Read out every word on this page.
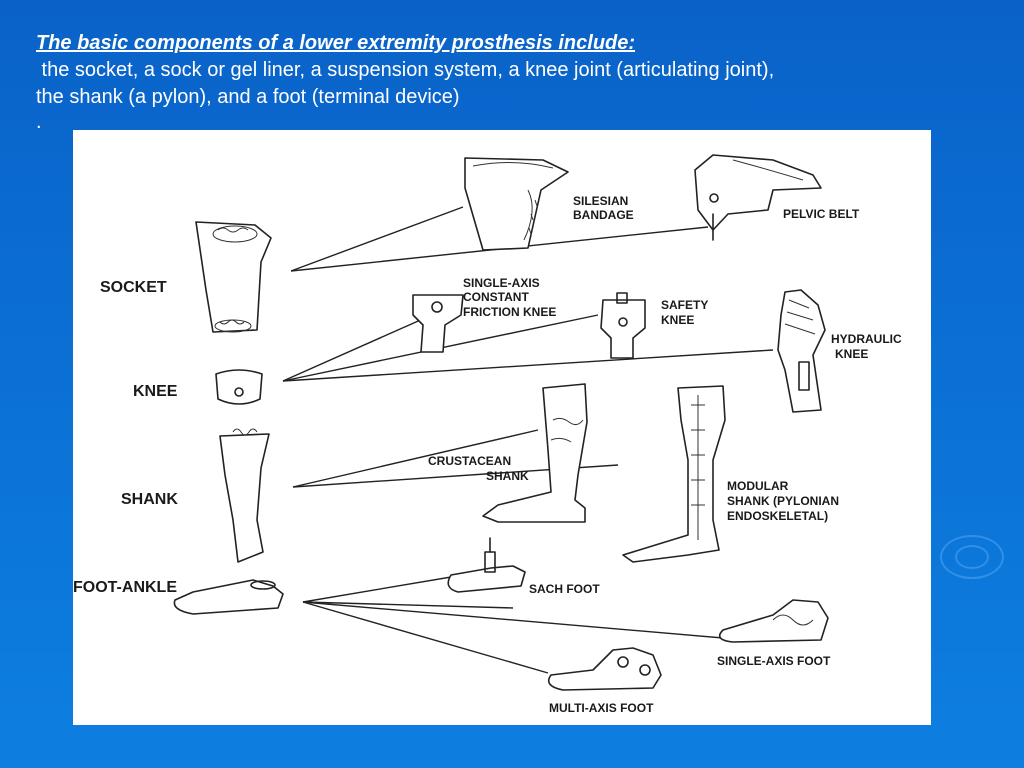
The basic components of a lower extremity prosthesis include:
the socket, a sock or gel liner, a suspension system, a knee joint (articulating joint),
the shank (a pylon), and a foot (terminal device)
.
SOCKET
KNEE
SHANK
FOOT-ANKLE
SILESIAN
BANDAGE	PELVIC BELT
SINGLE-AXIS
CONSTANT
FRICTION KNEE	SAFETY
KNEE
HYDRAULIC
KNEE
CRUSTACEAN
SHANK
MODULAR
SHANK (PYLONIAN
ENDOSKELETAL)
SACH FOOT
SINGLE-AXIS FOOT
MULTI-AXIS FOOT
